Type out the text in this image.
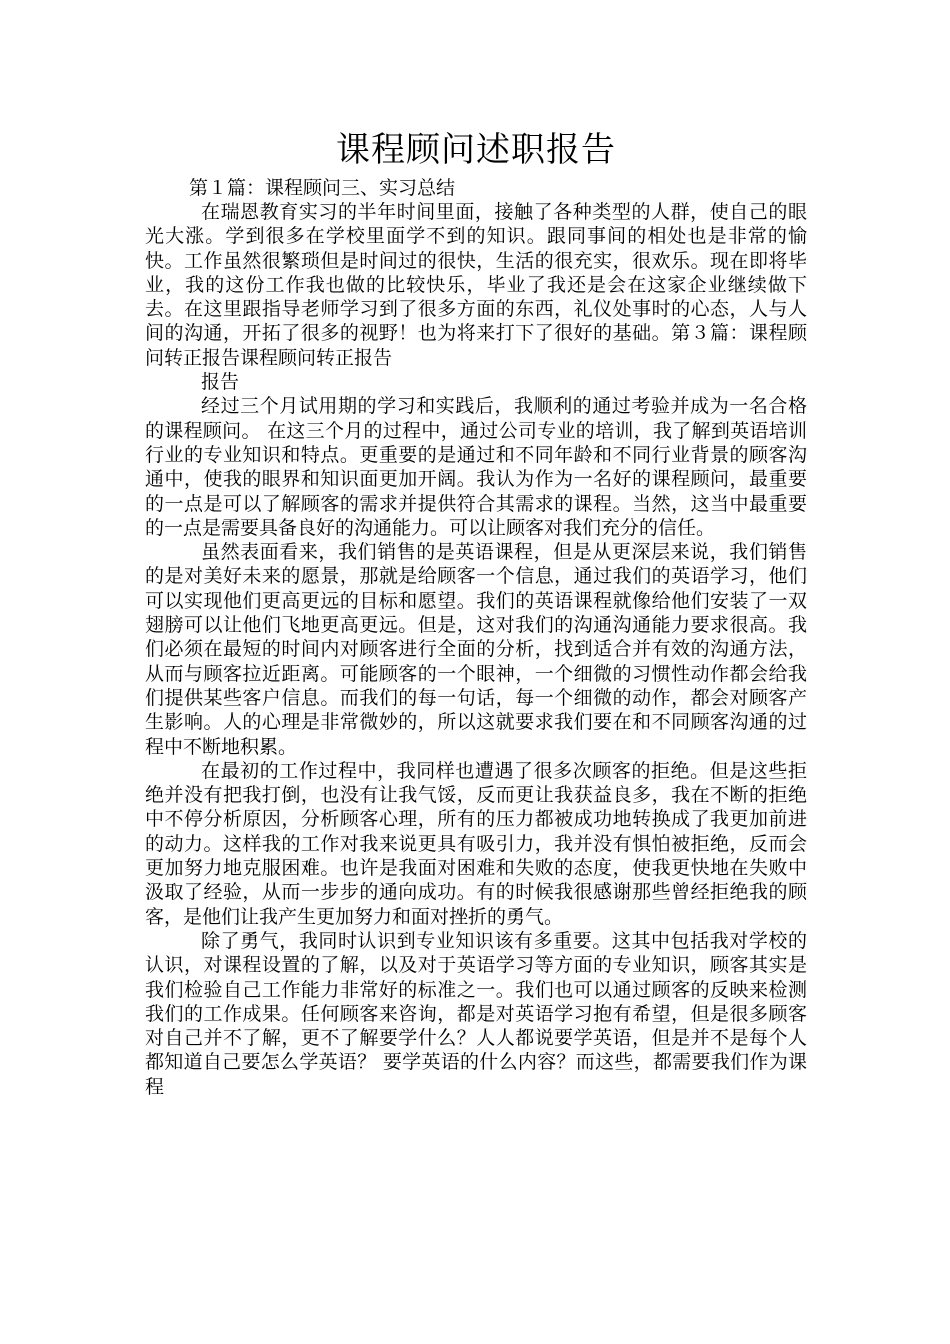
课程顾问述职报告

第１篇：课程顾问三、实习总结

在瑞恩教育实习的半年时间里面，接触了各种类型的人群，使自己的眼光大涨。学到很多在学校里面学不到的知识。跟同事间的相处也是非常的愉快。工作虽然很繁琐但是时间过的很快，生活的很充实，很欢乐。现在即将毕业，我的这份工作我也做的比较快乐，毕业了我还是会在这家企业继续做下去。在这里跟指导老师学习到了很多方面的东西，礼仪处事时的心态，人与人间的沟通，开拓了很多的视野！也为将来打下了很好的基础。第３篇：课程顾问转正报告课程顾问转正报告

报告

经过三个月试用期的学习和实践后，我顺利的通过考验并成为一名合格的课程顾问。 在这三个月的过程中，通过公司专业的培训，我了解到英语培训行业的专业知识和特点。更重要的是通过和不同年龄和不同行业背景的顾客沟通中，使我的眼界和知识面更加开阔。我认为作为一名好的课程顾问，最重要的一点是可以了解顾客的需求并提供符合其需求的课程。当然，这当中最重要的一点是需要具备良好的沟通能力。可以让顾客对我们充分的信任。

虽然表面看来，我们销售的是英语课程，但是从更深层来说，我们销售的是对美好未来的愿景，那就是给顾客一个信息，通过我们的英语学习，他们可以实现他们更高更远的目标和愿望。我们的英语课程就像给他们安装了一双翅膀可以让他们飞地更高更远。但是，这对我们的沟通沟通能力要求很高。我们必须在最短的时间内对顾客进行全面的分析，找到适合并有效的沟通方法，从而与顾客拉近距离。可能顾客的一个眼神，一个细微的习惯性动作都会给我们提供某些客户信息。而我们的每一句话，每一个细微的动作，都会对顾客产生影响。人的心理是非常微妙的，所以这就要求我们要在和不同顾客沟通的过程中不断地积累。

在最初的工作过程中，我同样也遭遇了很多次顾客的拒绝。但是这些拒绝并没有把我打倒，也没有让我气馁，反而更让我获益良多，我在不断的拒绝中不停分析原因，分析顾客心理，所有的压力都被成功地转换成了我更加前进的动力。这样我的工作对我来说更具有吸引力，我并没有惧怕被拒绝，反而会更加努力地克服困难。也许是我面对困难和失败的态度，使我更快地在失败中汲取了经验，从而一步步的通向成功。有的时候我很感谢那些曾经拒绝我的顾客，是他们让我产生更加努力和面对挫折的勇气。

除了勇气，我同时认识到专业知识该有多重要。这其中包括我对学校的认识，对课程设置的了解，以及对于英语学习等方面的专业知识，顾客其实是我们检验自己工作能力非常好的标准之一。我们也可以通过顾客的反映来检测我们的工作成果。任何顾客来咨询，都是对英语学习抱有希望，但是很多顾客对自己并不了解，更不了解要学什么？人人都说要学英语，但是并不是每个人都知道自己要怎么学英语？ 要学英语的什么内容？而这些，都需要我们作为课程
